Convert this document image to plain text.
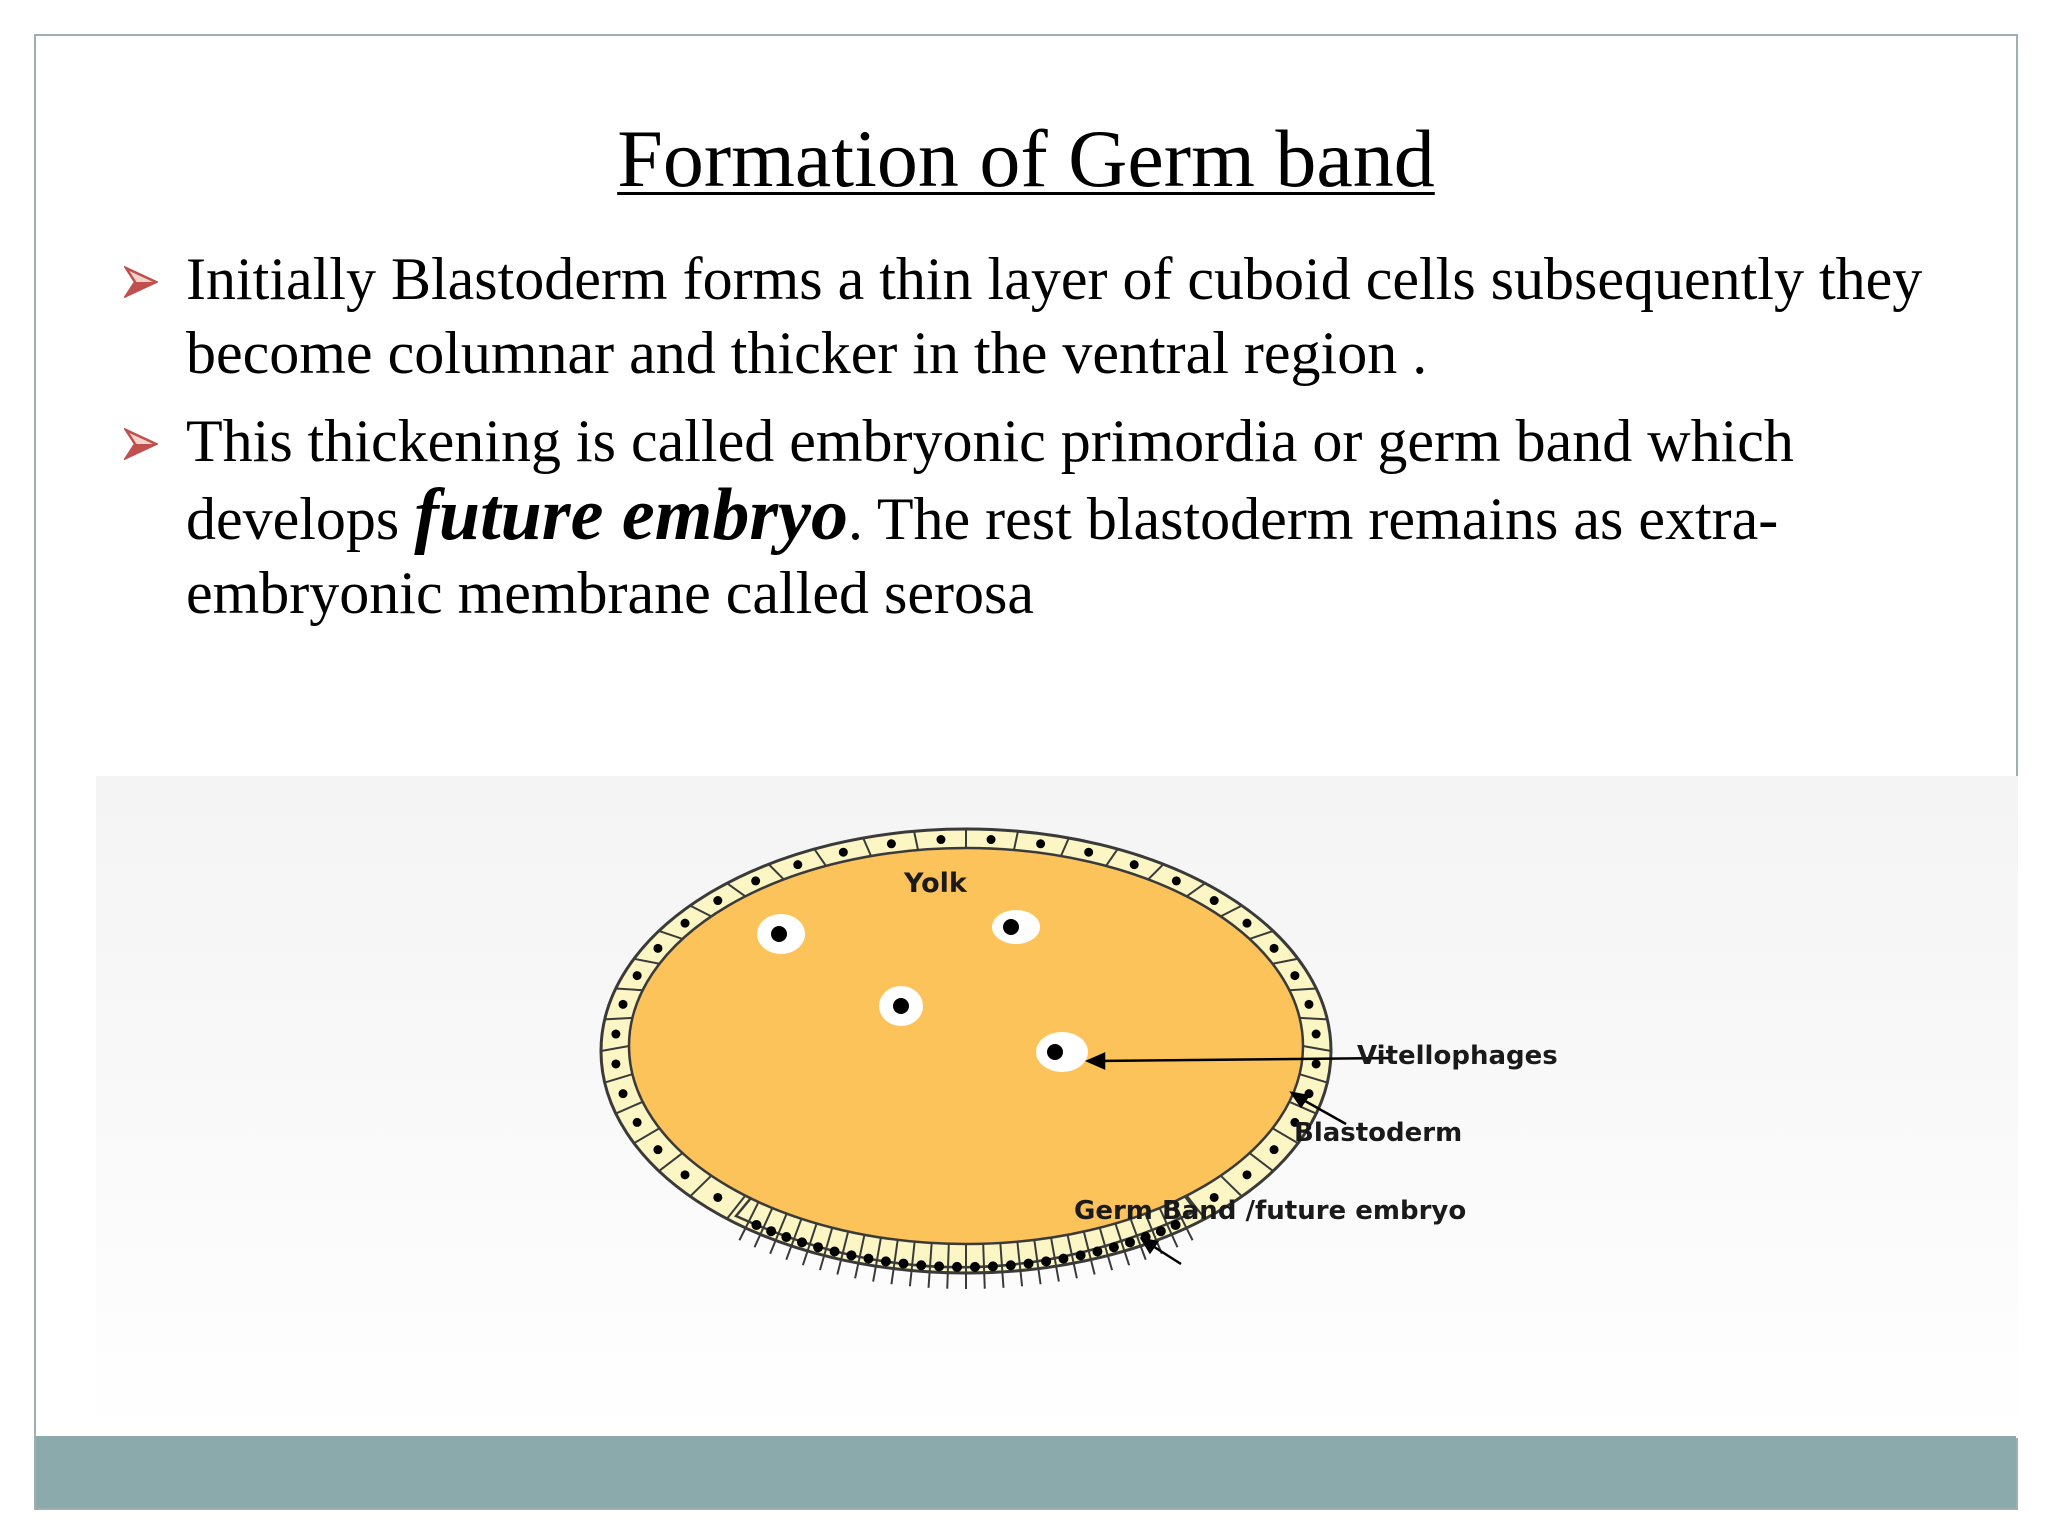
Formation of Germ band
Initially Blastoderm forms a thin layer of cuboid cells subsequently they become columnar and thicker in the ventral region .
This thickening is called embryonic primordia or germ band which develops future embryo. The rest blastoderm remains as extra-embryonic membrane called serosa
Yolk
Vitellophages
Blastoderm
Germ Band /future embryo
